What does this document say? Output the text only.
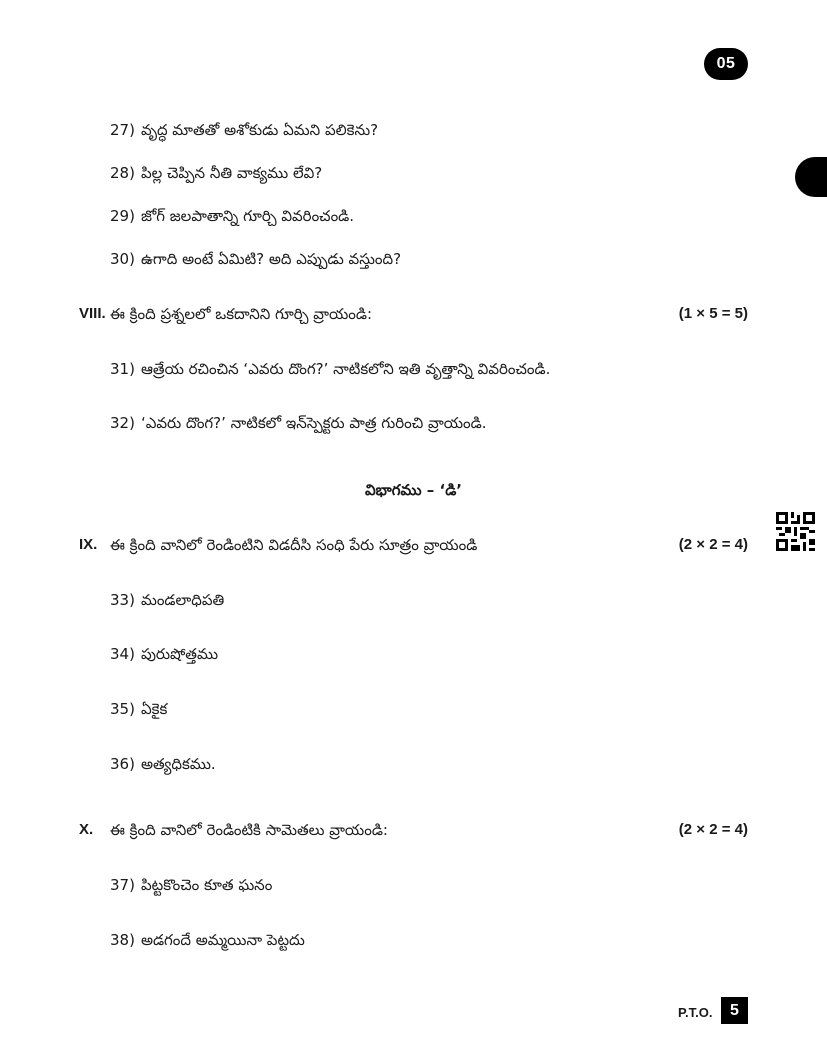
05
27) వృద్ధ మాతతో అశోకుడు ఏమని పలికెను?
28) పిల్ల చెప్పిన నీతి వాక్యము లేవి?
29) జోగ్ జలపాతాన్ని గూర్చి వివరించండి.
30) ఉగాది అంటే ఏమిటి? అది ఎప్పుడు వస్తుంది?
VIII. ఈ క్రింది ప్రశ్నలలో ఒకదానిని గూర్చి వ్రాయండి:	(1 × 5 = 5)
31) ఆత్రేయ రచించిన ‘ఎవరు దొంగ?’ నాటికలోని ఇతి వృత్తాన్ని వివరించండి.
32) ‘ఎవరు దొంగ?’ నాటికలో ఇన్‌స్పెక్టరు పాత్ర గురించి వ్రాయండి.
విభాగము – ‘డి’
IX. ఈ క్రింది వానిలో రెండింటిని విడదీసి సంధి పేరు సూత్రం వ్రాయండి	(2 × 2 = 4)
33) మండలాధిపతి
34) పురుషోత్తము
35) ఏకైక
36) అత్యధికము.
X. ఈ క్రింది వానిలో రెండింటికి సామెతలు వ్రాయండి:	(2 × 2 = 4)
37) పిట్టకొంచెం కూత ఘనం
38) అడగందే అమ్మయినా పెట్టదు
P.T.O.	5
